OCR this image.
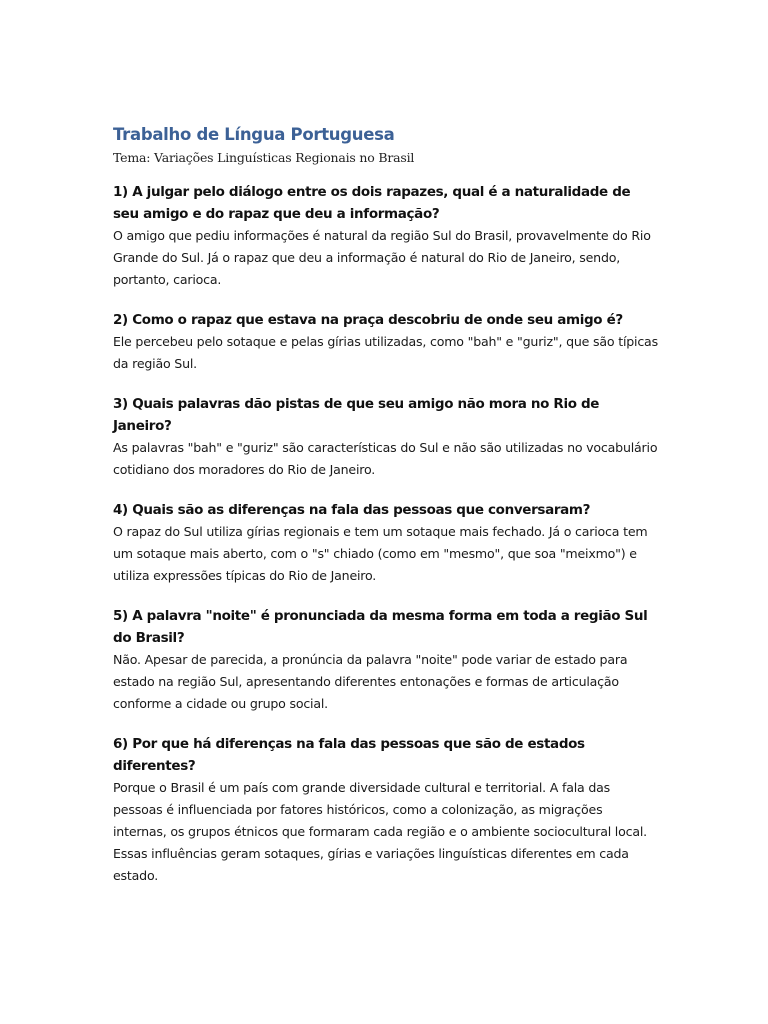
Trabalho de Língua Portuguesa

Tema: Variações Linguísticas Regionais no Brasil

1) A julgar pelo diálogo entre os dois rapazes, qual é a naturalidade de seu amigo e do rapaz que deu a informação?

O amigo que pediu informações é natural da região Sul do Brasil, provavelmente do Rio Grande do Sul. Já o rapaz que deu a informação é natural do Rio de Janeiro, sendo, portanto, carioca.

2) Como o rapaz que estava na praça descobriu de onde seu amigo é?

Ele percebeu pelo sotaque e pelas gírias utilizadas, como "bah" e "guriz", que são típicas da região Sul.

3) Quais palavras dão pistas de que seu amigo não mora no Rio de Janeiro?

As palavras "bah" e "guriz" são características do Sul e não são utilizadas no vocabulário cotidiano dos moradores do Rio de Janeiro.

4) Quais são as diferenças na fala das pessoas que conversaram?

O rapaz do Sul utiliza gírias regionais e tem um sotaque mais fechado. Já o carioca tem um sotaque mais aberto, com o "s" chiado (como em "mesmo", que soa "meixmo") e utiliza expressões típicas do Rio de Janeiro.

5) A palavra "noite" é pronunciada da mesma forma em toda a região Sul do Brasil?

Não. Apesar de parecida, a pronúncia da palavra "noite" pode variar de estado para estado na região Sul, apresentando diferentes entonações e formas de articulação conforme a cidade ou grupo social.

6) Por que há diferenças na fala das pessoas que são de estados diferentes?

Porque o Brasil é um país com grande diversidade cultural e territorial. A fala das pessoas é influenciada por fatores históricos, como a colonização, as migrações internas, os grupos étnicos que formaram cada região e o ambiente sociocultural local. Essas influências geram sotaques, gírias e variações linguísticas diferentes em cada estado.
